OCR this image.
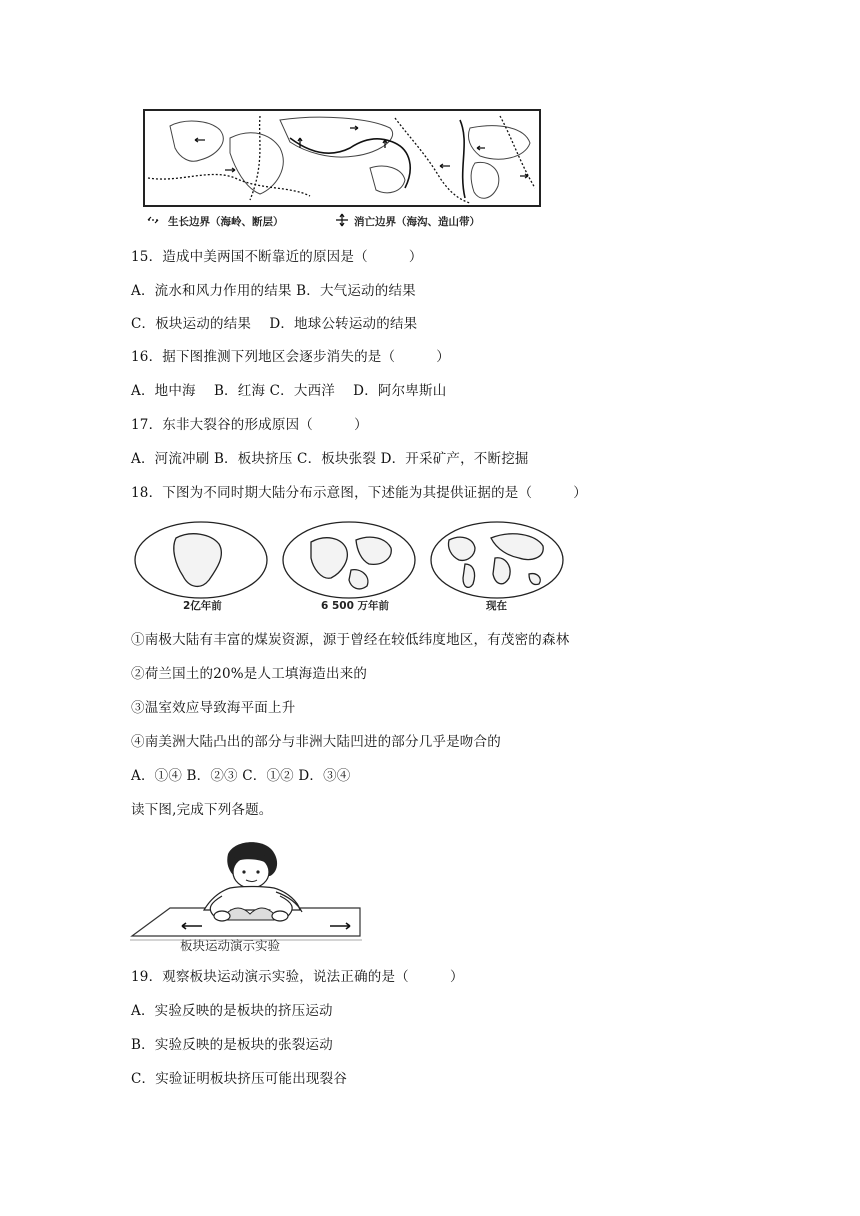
生长边界（海岭、断层）	消亡边界（海沟、造山带）
15．造成中美两国不断靠近的原因是（　　　）
A．流水和风力作用的结果 B．大气运动的结果
C．板块运动的结果　 D．地球公转运动的结果
16．据下图推测下列地区会逐步消失的是（　　　）
A．地中海　 B．红海 C．大西洋　 D．阿尔卑斯山
17．东非大裂谷的形成原因（　　　）
A．河流冲刷 B．板块挤压 C．板块张裂 D．开采矿产，不断挖掘
18．下图为不同时期大陆分布示意图，下述能为其提供证据的是（　　　）
2亿年前	6 500 万年前	现在
①南极大陆有丰富的煤炭资源，源于曾经在较低纬度地区，有茂密的森林
②荷兰国土的20%是人工填海造出来的
③温室效应导致海平面上升
④南美洲大陆凸出的部分与非洲大陆凹进的部分几乎是吻合的
A．①④ B．②③ C．①② D．③④
读下图,完成下列各题。
板块运动演示实验
19．观察板块运动演示实验，说法正确的是（　　　）
A．实验反映的是板块的挤压运动
B．实验反映的是板块的张裂运动
C．实验证明板块挤压可能出现裂谷
